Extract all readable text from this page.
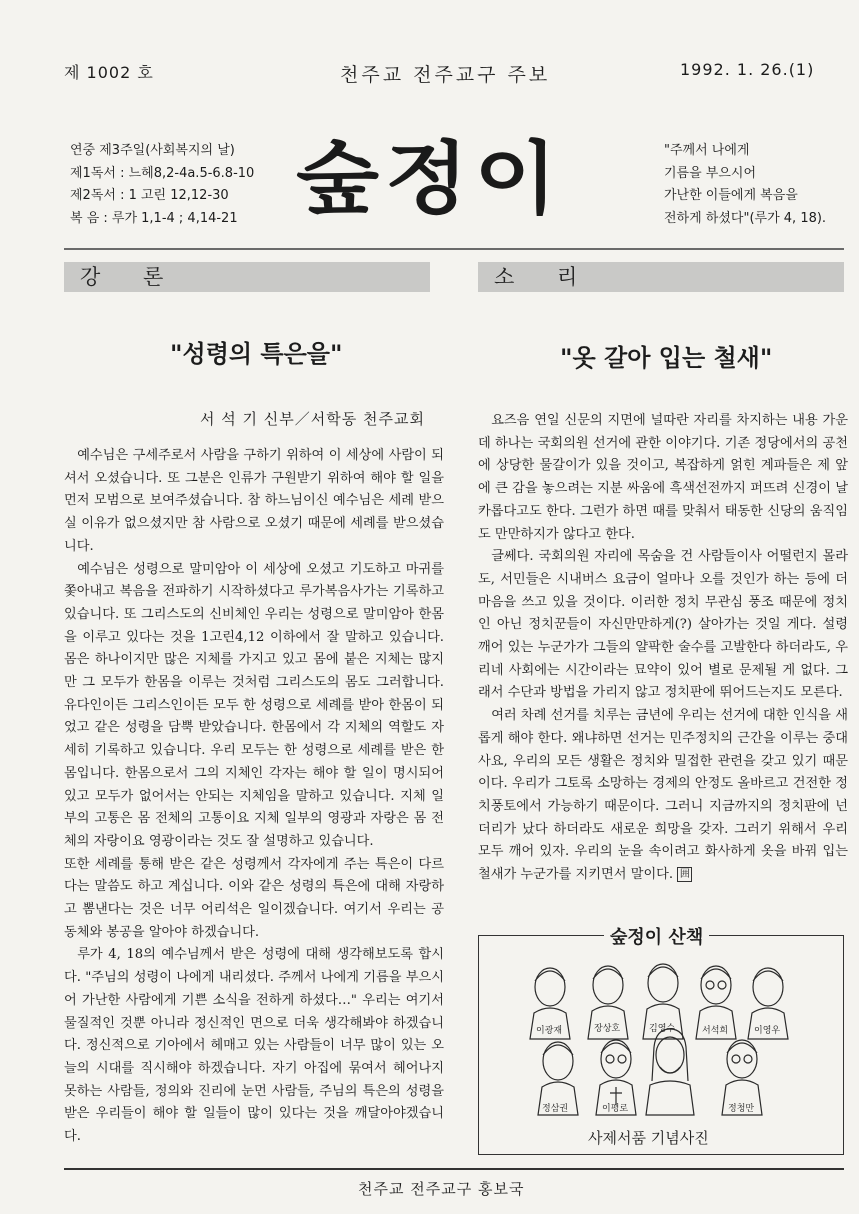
제 1002 호	천주교 전주교구 주보	1992. 1. 26.(1)
연중 제3주일(사회복지의 날)
제1독서 : 느헤8,2-4a.5-6.8-10
제2독서 : 1 고린 12,12-30
복 음 : 루가 1,1-4 ; 4,14-21 숲정이	"주께서 나에게
기름을 부으시어
가난한 이들에게 복음을
전하게 하셨다"(루가 4, 18).
강 론	소 리
"성령의 특은을"	"옷 갈아 입는 철새"
서 석 기 신부／서학동 천주교회

예수님은 구세주로서 사람을 구하기 위하여 이 세상에 사람이 되셔서 오셨습니다. 또 그분은 인류가 구원받기 위하여 해야 할 일을 먼저 모범으로 보여주셨습니다. 참 하느님이신 예수님은 세례 받으실 이유가 없으셨지만 참 사람으로 오셨기 때문에 세례를 받으셨습니다.

예수님은 성령으로 말미암아 이 세상에 오셨고 기도하고 마귀를 쫓아내고 복음을 전파하기 시작하셨다고 루가복음사가는 기록하고 있습니다. 또 그리스도의 신비체인 우리는 성령으로 말미암아 한몸을 이루고 있다는 것을 1고린4,12 이하에서 잘 말하고 있습니다. 몸은 하나이지만 많은 지체를 가지고 있고 몸에 붙은 지체는 많지만 그 모두가 한몸을 이루는 것처럼 그리스도의 몸도 그러합니다. 유다인이든 그리스인이든 모두 한 성령으로 세례를 받아 한몸이 되었고 같은 성령을 담뿍 받았습니다. 한몸에서 각 지체의 역할도 자세히 기록하고 있습니다. 우리 모두는 한 성령으로 세례를 받은 한몸입니다. 한몸으로서 그의 지체인 각자는 해야 할 일이 명시되어 있고 모두가 없어서는 안되는 지체임을 말하고 있습니다. 지체 일부의 고통은 몸 전체의 고통이요 지체 일부의 영광과 자랑은 몸 전체의 자랑이요 영광이라는 것도 잘 설명하고 있습니다.

또한 세례를 통해 받은 같은 성령께서 각자에게 주는 특은이 다르다는 말씀도 하고 계십니다. 이와 같은 성령의 특은에 대해 자랑하고 뽐낸다는 것은 너무 어리석은 일이겠습니다. 여기서 우리는 공동체와 봉공을 알아야 하겠습니다.

루가 4, 18의 예수님께서 받은 성령에 대해 생각해보도록 합시다. "주님의 성령이 나에게 내리셨다. 주께서 나에게 기름을 부으시어 가난한 사람에게 기쁜 소식을 전하게 하셨다…" 우리는 여기서 물질적인 것뿐 아니라 정신적인 면으로 더욱 생각해봐야 하겠습니다. 정신적으로 기아에서 헤매고 있는 사람들이 너무 많이 있는 오늘의 시대를 직시해야 하겠습니다. 자기 아집에 묶여서 헤어나지 못하는 사람들, 정의와 진리에 눈먼 사람들, 주님의 특은의 성령을 받은 우리들이 해야 할 일들이 많이 있다는 것을 깨달아야겠습니다.

요즈음 연일 신문의 지면에 널따란 자리를 차지하는 내용 가운데 하나는 국회의원 선거에 관한 이야기다. 기존 정당에서의 공천에 상당한 물갈이가 있을 것이고, 복잡하게 얽힌 계파들은 제 앞에 큰 감을 놓으려는 지분 싸움에 흑색선전까지 퍼뜨려 신경이 날카롭다고도 한다. 그런가 하면 때를 맞춰서 태동한 신당의 움직임도 만만하지가 않다고 한다.

글쎄다. 국회의원 자리에 목숨을 건 사람들이사 어떨런지 몰라도, 서민들은 시내버스 요금이 얼마나 오를 것인가 하는 등에 더 마음을 쓰고 있을 것이다. 이러한 정치 무관심 풍조 때문에 정치인 아닌 정치꾼들이 자신만만하게(?) 살아가는 것일 게다. 설령 깨어 있는 누군가가 그들의 얄팍한 술수를 고발한다 하더라도, 우리네 사회에는 시간이라는 묘약이 있어 별로 문제될 게 없다. 그래서 수단과 방법을 가리지 않고 정치판에 뛰어드는지도 모른다.

여러 차례 선거를 치루는 금년에 우리는 선거에 대한 인식을 새롭게 해야 한다. 왜냐하면 선거는 민주정치의 근간을 이루는 중대사요, 우리의 모든 생활은 정치와 밀접한 관련을 갖고 있기 때문이다. 우리가 그토록 소망하는 경제의 안정도 올바르고 건전한 정치풍토에서 가능하기 때문이다. 그러니 지금까지의 정치판에 넌더리가 났다 하더라도 새로운 희망을 갖자. 그러기 위해서 우리 모두 깨어 있자. 우리의 눈을 속이려고 화사하게 옷을 바꿔 입는 철새가 누군가를 지키면서 말이다. 囲

숲정이 산책
이광재	장상호	김영수	서석희	이영우
정삼권	이평로	정청만
사제서품 기념사진
천주교 전주교구 홍보국
